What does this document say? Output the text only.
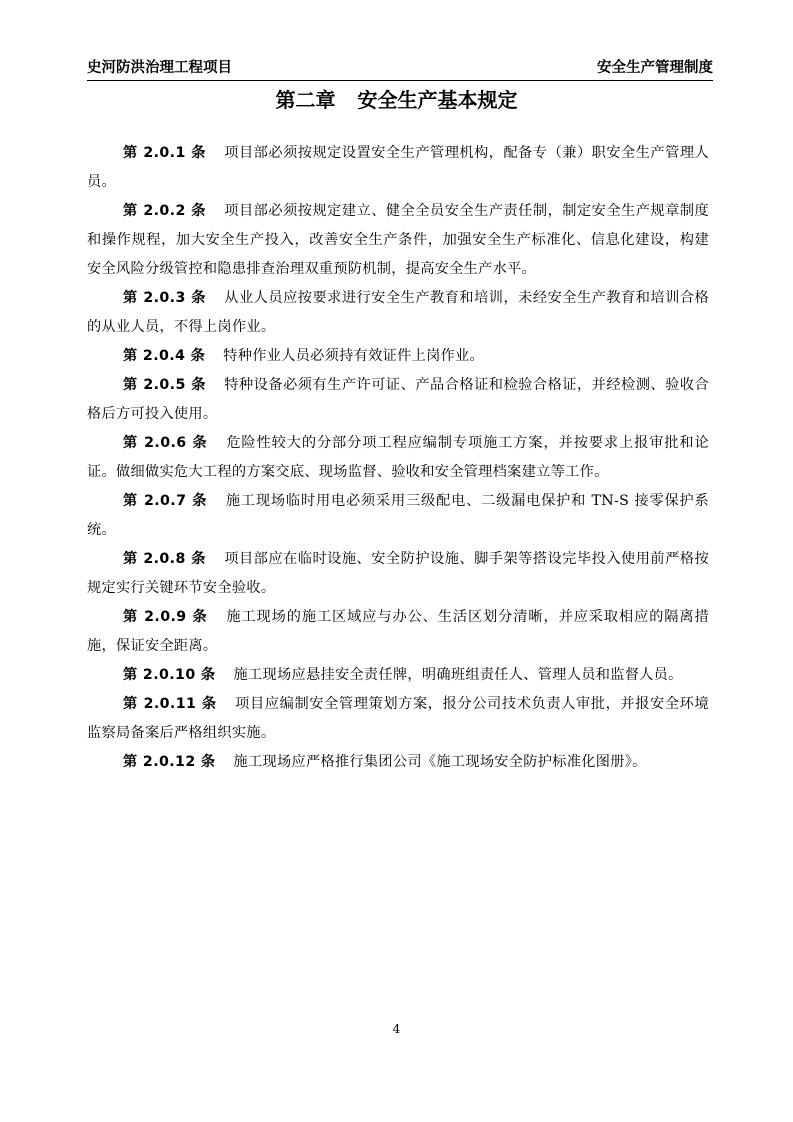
史河防洪治理工程项目	安全生产管理制度
第二章 安全生产基本规定

第 2.0.1 条 项目部必须按规定设置安全生产管理机构，配备专（兼）职安全生产管理人员。

第 2.0.2 条 项目部必须按规定建立、健全全员安全生产责任制，制定安全生产规章制度和操作规程，加大安全生产投入，改善安全生产条件，加强安全生产标准化、信息化建设，构建安全风险分级管控和隐患排查治理双重预防机制，提高安全生产水平。

第 2.0.3 条 从业人员应按要求进行安全生产教育和培训，未经安全生产教育和培训合格的从业人员，不得上岗作业。

第 2.0.4 条 特种作业人员必须持有效证件上岗作业。

第 2.0.5 条 特种设备必须有生产许可证、产品合格证和检验合格证，并经检测、验收合格后方可投入使用。

第 2.0.6 条 危险性较大的分部分项工程应编制专项施工方案，并按要求上报审批和论证。做细做实危大工程的方案交底、现场监督、验收和安全管理档案建立等工作。

第 2.0.7 条 施工现场临时用电必须采用三级配电、二级漏电保护和 TN-S 接零保护系统。

第 2.0.8 条 项目部应在临时设施、安全防护设施、脚手架等搭设完毕投入使用前严格按规定实行关键环节安全验收。

第 2.0.9 条 施工现场的施工区域应与办公、生活区划分清晰，并应采取相应的隔离措施，保证安全距离。

第 2.0.10 条 施工现场应悬挂安全责任牌，明确班组责任人、管理人员和监督人员。

第 2.0.11 条 项目应编制安全管理策划方案，报分公司技术负责人审批，并报安全环境监察局备案后严格组织实施。

第 2.0.12 条 施工现场应严格推行集团公司《施工现场安全防护标准化图册》。

4
